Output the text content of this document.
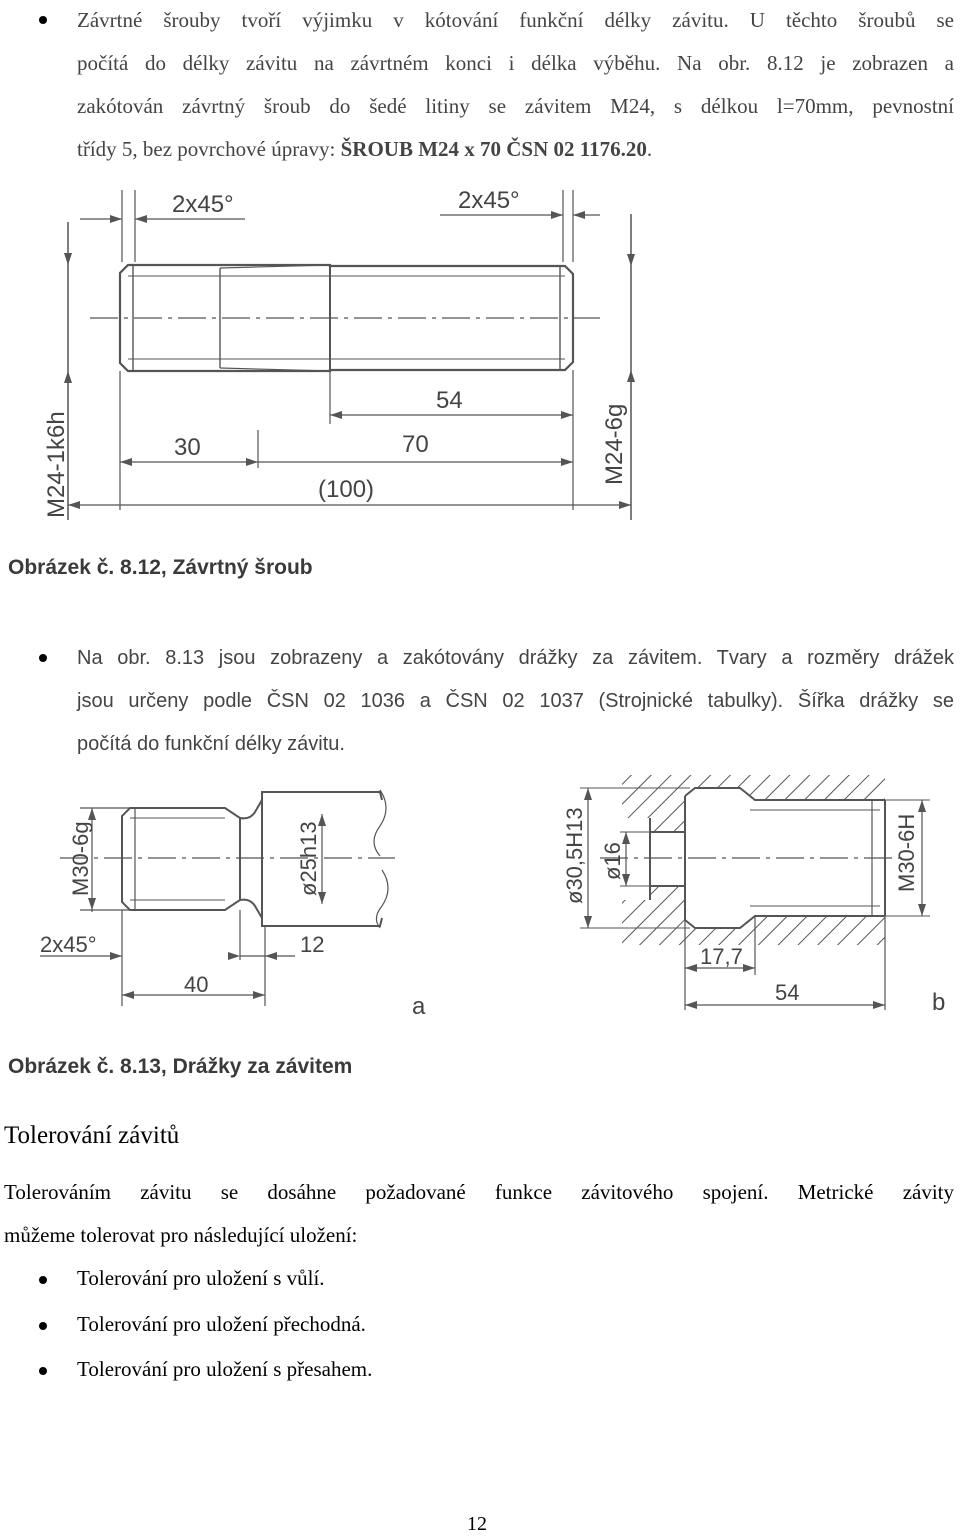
Závrtné šrouby tvoří výjimku v kótování funkční délky závitu. U těchto šroubů se
počítá do délky závitu na závrtném konci i délka výběhu. Na obr. 8.12 je zobrazen a
zakótován závrtný šroub do šedé litiny se závitem M24, s délkou l=70mm, pevnostní
třídy 5, bez povrchové úpravy: ŠROUB M24 x 70 ČSN 02 1176.20.
2x45°	2x45°
54
30	70
(100)
M24-1k6h	M24-6g
Obrázek č. 8.12, Závrtný šroub
Na obr. 8.13 jsou zobrazeny a zakótovány drážky za závitem. Tvary a rozměry drážek
jsou určeny podle ČSN 02 1036 a ČSN 02 1037 (Strojnické tabulky). Šířka drážky se
počítá do funkční délky závitu.
M30-6g	ø25h13
2x45°	12
40
a
ø30,5H13 ø16	M30-6H
17,7
54	b
Obrázek č. 8.13, Drážky za závitem
Tolerování závitů
Tolerováním závitu se dosáhne požadované funkce závitového spojení. Metrické závity
můžeme tolerovat pro následující uložení:
Tolerování pro uložení s vůlí.
Tolerování pro uložení přechodná.
Tolerování pro uložení s přesahem.
12
